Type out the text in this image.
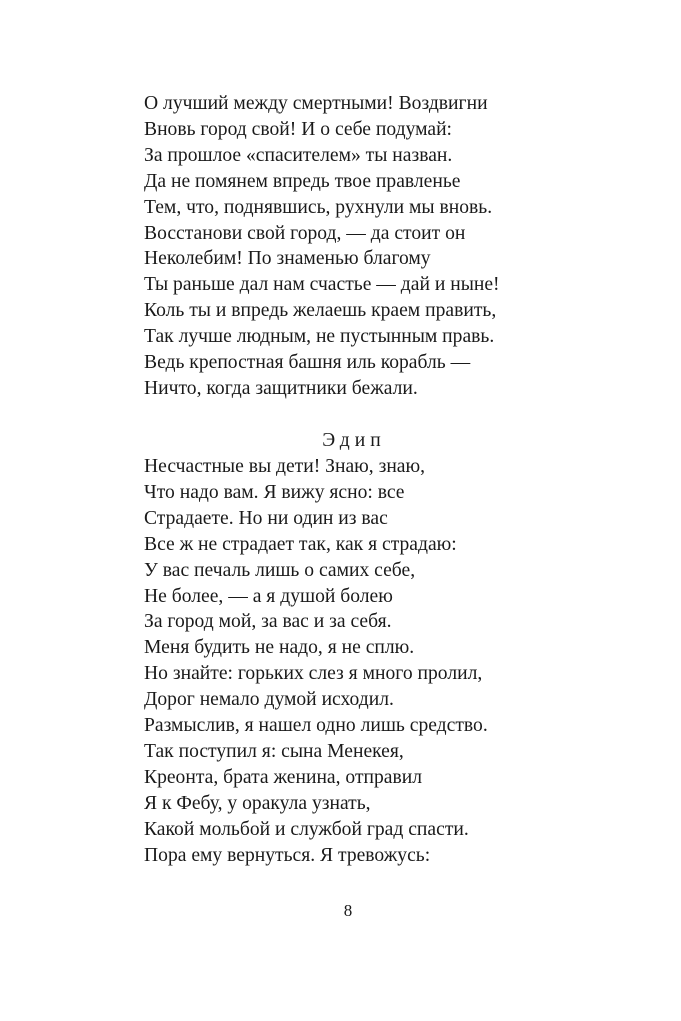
О лучший между смертными! Воздвигни
Вновь город свой! И о себе подумай:
За прошлое «спасителем» ты назван.
Да не помянем впредь твое правленье
Тем, что, поднявшись, рухнули мы вновь.
Восстанови свой город, — да стоит он
Неколебим! По знаменью благому
Ты раньше дал нам счастье — дай и ныне!
Коль ты и впредь желаешь краем править,
Так лучше людным, не пустынным правь.
Ведь крепостная башня иль корабль —
Ничто, когда защитники бежали.
Эдип
Несчастные вы дети! Знаю, знаю,
Что надо вам. Я вижу ясно: все
Страдаете. Но ни один из вас
Все ж не страдает так, как я страдаю:
У вас печаль лишь о самих себе,
Не более, — а я душой болею
За город мой, за вас и за себя.
Меня будить не надо, я не сплю.
Но знайте: горьких слез я много пролил,
Дорог немало думой исходил.
Размыслив, я нашел одно лишь средство.
Так поступил я: сына Менекея,
Креонта, брата женина, отправил
Я к Фебу, у оракула узнать,
Какой мольбой и службой град спасти.
Пора ему вернуться. Я тревожусь:
8
